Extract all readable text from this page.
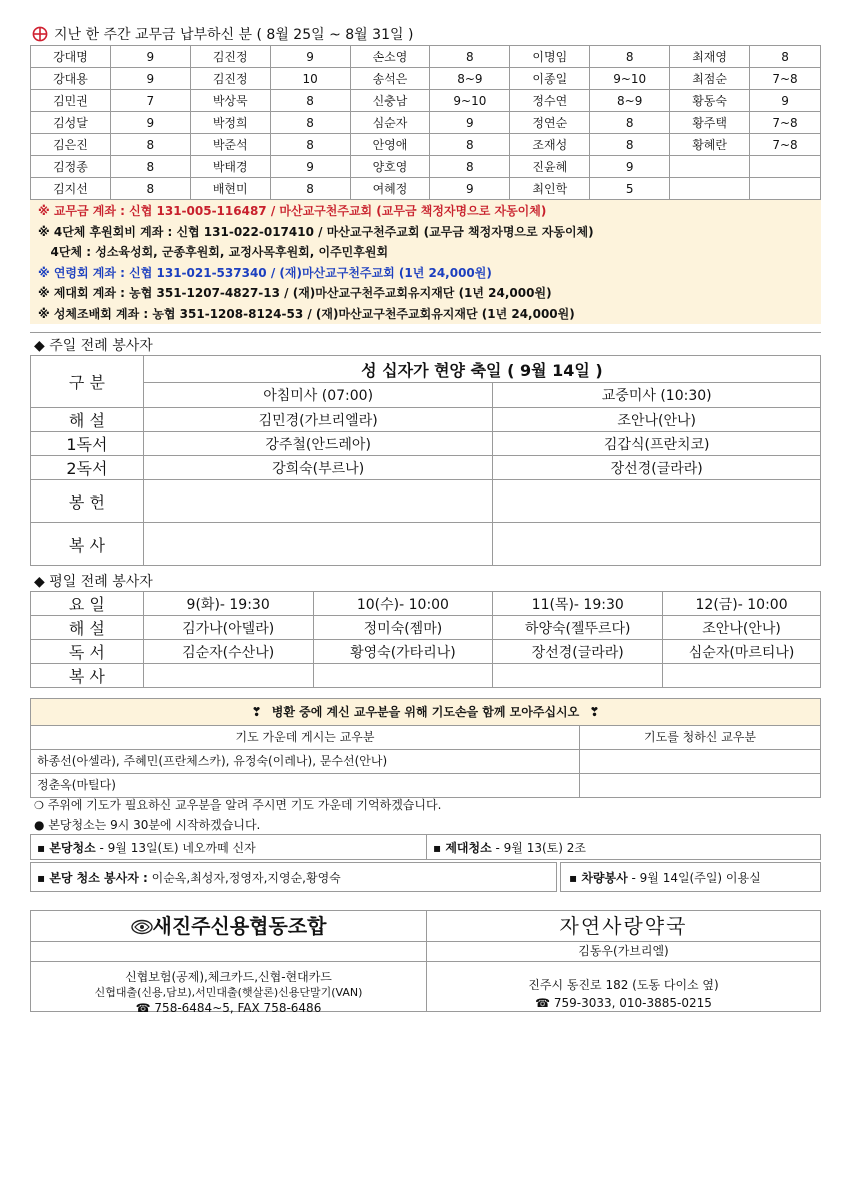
지난 한 주간 교무금 납부하신 분 ( 8월 25일 ~ 8월 31일 )
강대명	9	김진정	9	손소영	8	이명임	8	최재영	8
강대용	9	김진정	10	송석은	8~9	이종일	9~10	최점순	7~8
김민권	7	박상묵	8	신충남	9~10	정수연	8~9	황동숙	9
김성달	9	박정희	8	심순자	9	정연순	8	황주택	7~8
김은진	8	박준석	8	안영애	8	조재성	8	황혜란	7~8
김정종	8	박태경	9	양호영	8	진윤혜	9		
김지선	8	배현미	8	여혜정	9	최인학	5		
※ 교무금 계좌 : 신협 131-005-116487 / 마산교구천주교회 (교무금 책정자명으로 자동이체)
※ 4단체 후원회비 계좌 : 신협 131-022-017410 / 마산교구천주교회 (교무금 책정자명으로 자동이체)
4단체 : 성소육성회, 군종후원회, 교정사목후원회, 이주민후원회
※ 연령회 계좌 : 신협 131-021-537340 / (재)마산교구천주교회 (1년 24,000원)
※ 제대회 계좌 : 농협 351-1207-4827-13 / (재)마산교구천주교회유지재단 (1년 24,000원)
※ 성체조배회 계좌 : 농협 351-1208-8124-53 / (재)마산교구천주교회유지재단 (1년 24,000원)
◆ 주일 전례 봉사자
구 분	성 십자가 현양 축일 ( 9월 14일 )	
	아침미사 (07:00)	교중미사 (10:30)
해 설	김민경(가브리엘라)	조안나(안나)
1독서	강주철(안드레아)	김갑식(프란치코)
2독서	강희숙(부르나)	장선경(글라라)
봉 헌		
복 사		
◆ 평일 전례 봉사자
요 일	9(화)- 19:30	10(수)- 10:00	11(목)- 19:30	12(금)- 10:00
해 설	김가나(아델라)	정미숙(젬마)	하양숙(젤뚜르다)	조안나(안나)
독 서	김순자(수산나)	황영숙(가타리나)	장선경(글라라)	심순자(마르티나)
복 사				
❣ 병환 중에 계신 교우분을 위해 기도손을 함께 모아주십시오 ❣
기도 가운데 게시는 교우분	기도를 청하신 교우분
하종선(아셀라), 주혜민(프란체스카), 유정숙(이레나), 문수선(안나)
정춘옥(마틸다)
❍ 주위에 기도가 필요하신 교우분을 알려 주시면 기도 가운데 기억하겠습니다.
● 본당청소는 9시 30분에 시작하겠습니다.
▪ 본당청소 - 9월 13일(토) 네오까떼 신자	▪ 제대청소 - 9월 13(토) 2조
▪ 본당 청소 봉사자 : 이순옥,최성자,정영자,지영순,황영숙	▪ 차량봉사 - 9월 14일(주일) 이용실
새진주신용협동조합
신협보험(공제),체크카드,신협-현대카드
신협대출(신용,담보),서민대출(햇살론)신용단말기(VAN)
☎ 758-6484~5, FAX 758-6486
자연사랑약국
김동우(가브리엘)
진주시 동진로 182 (도동 다이소 옆)
☎ 759-3033, 010-3885-0215
